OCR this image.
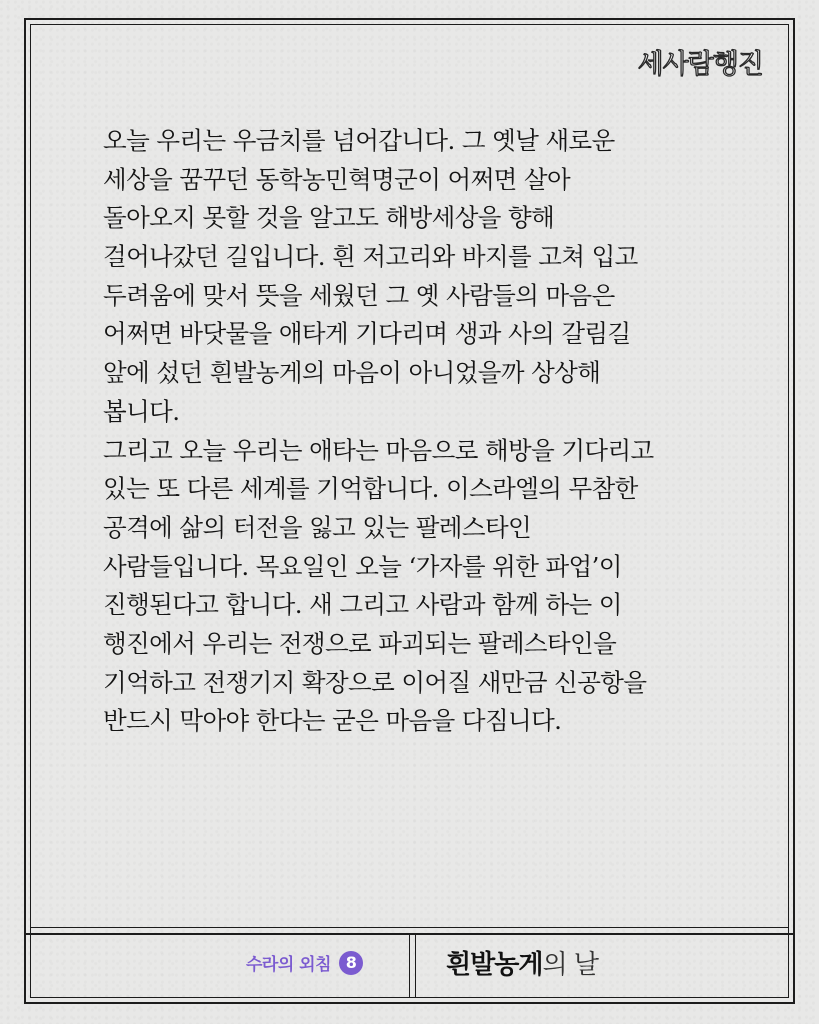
세사람행진
오늘 우리는 우금치를 넘어갑니다. 그 옛날 새로운
세상을 꿈꾸던 동학농민혁명군이 어쩌면 살아
돌아오지 못할 것을 알고도 해방세상을 향해
걸어나갔던 길입니다. 흰 저고리와 바지를 고쳐 입고
두려움에 맞서 뜻을 세웠던 그 옛 사람들의 마음은
어쩌면 바닷물을 애타게 기다리며 생과 사의 갈림길
앞에 섰던 흰발농게의 마음이 아니었을까 상상해
봅니다.
그리고 오늘 우리는 애타는 마음으로 해방을 기다리고
있는 또 다른 세계를 기억합니다. 이스라엘의 무참한
공격에 삶의 터전을 잃고 있는 팔레스타인
사람들입니다. 목요일인 오늘 ‘가자를 위한 파업’이
진행된다고 합니다. 새 그리고 사람과 함께 하는 이
행진에서 우리는 전쟁으로 파괴되는 팔레스타인을
기억하고 전쟁기지 확장으로 이어질 새만금 신공항을
반드시 막아야 한다는 굳은 마음을 다짐니다.
수라의 외침 8	흰발농게의 날
